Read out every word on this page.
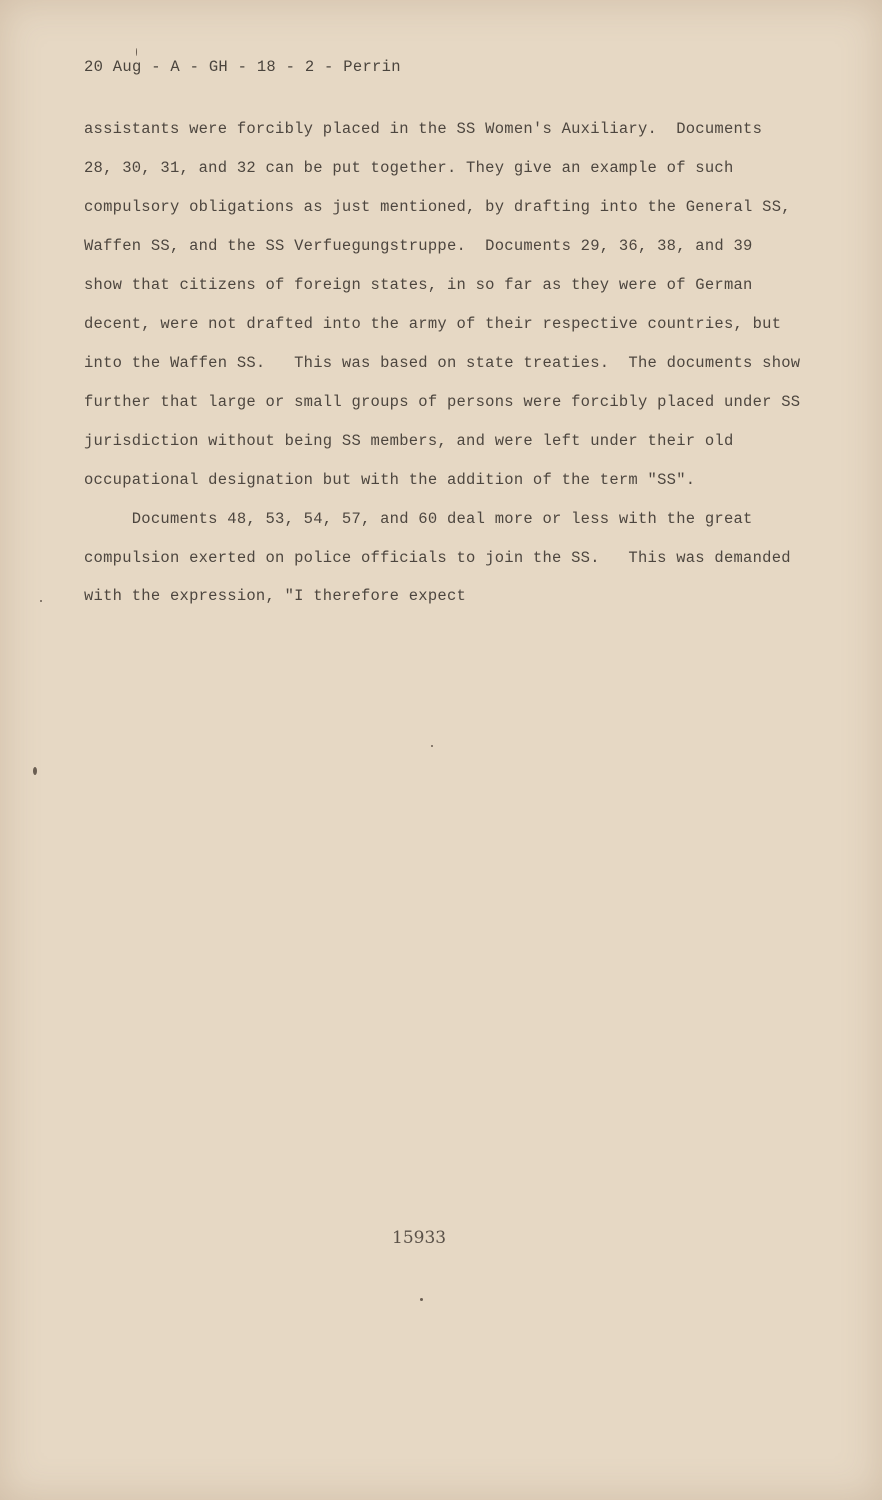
20 Aug - A - GH - 18 - 2 - Perrin
assistants were forcibly placed in the SS Women's Auxiliary.  Documents
28, 30, 31, and 32 can be put together. They give an example of such
compulsory obligations as just mentioned, by drafting into the General SS,
Waffen SS, and the SS Verfuegungstruppe.  Documents 29, 36, 38, and 39
show that citizens of foreign states, in so far as they were of German
decent, were not drafted into the army of their respective countries, but
into the Waffen SS.   This was based on state treaties.  The documents show
further that large or small groups of persons were forcibly placed under SS
jurisdiction without being SS members, and were left under their old
occupational designation but with the addition of the term "SS".
Documents 48, 53, 54, 57, and 60 deal more or less with the great
compulsion exerted on police officials to join the SS.   This was demanded
with the expression, "I therefore expect
15933
